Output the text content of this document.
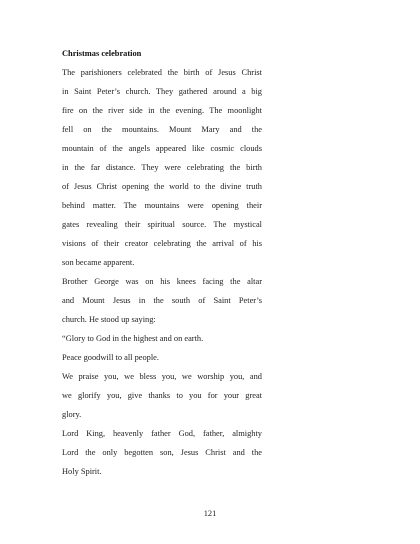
Christmas celebration
The parishioners celebrated the birth of Jesus Christ
in Saint Peter’s church. They gathered around a big
fire on the river side in the evening. The moonlight
fell on the mountains. Mount Mary and the
mountain of the angels appeared like cosmic clouds
in the far distance. They were celebrating the birth
of Jesus Christ opening the world to the divine truth
behind matter. The mountains were opening their
gates revealing their spiritual source. The mystical
visions of their creator celebrating the arrival of his
son became apparent.
Brother George was on his knees facing the altar
and Mount Jesus in the south of Saint Peter’s
church. He stood up saying:
“Glory to God in the highest and on earth.
Peace goodwill to all people.
We praise you, we bless you, we worship you, and
we glorify you, give thanks to you for your great
glory.
Lord King, heavenly father God, father, almighty
Lord the only begotten son, Jesus Christ and the
Holy Spirit.
121
